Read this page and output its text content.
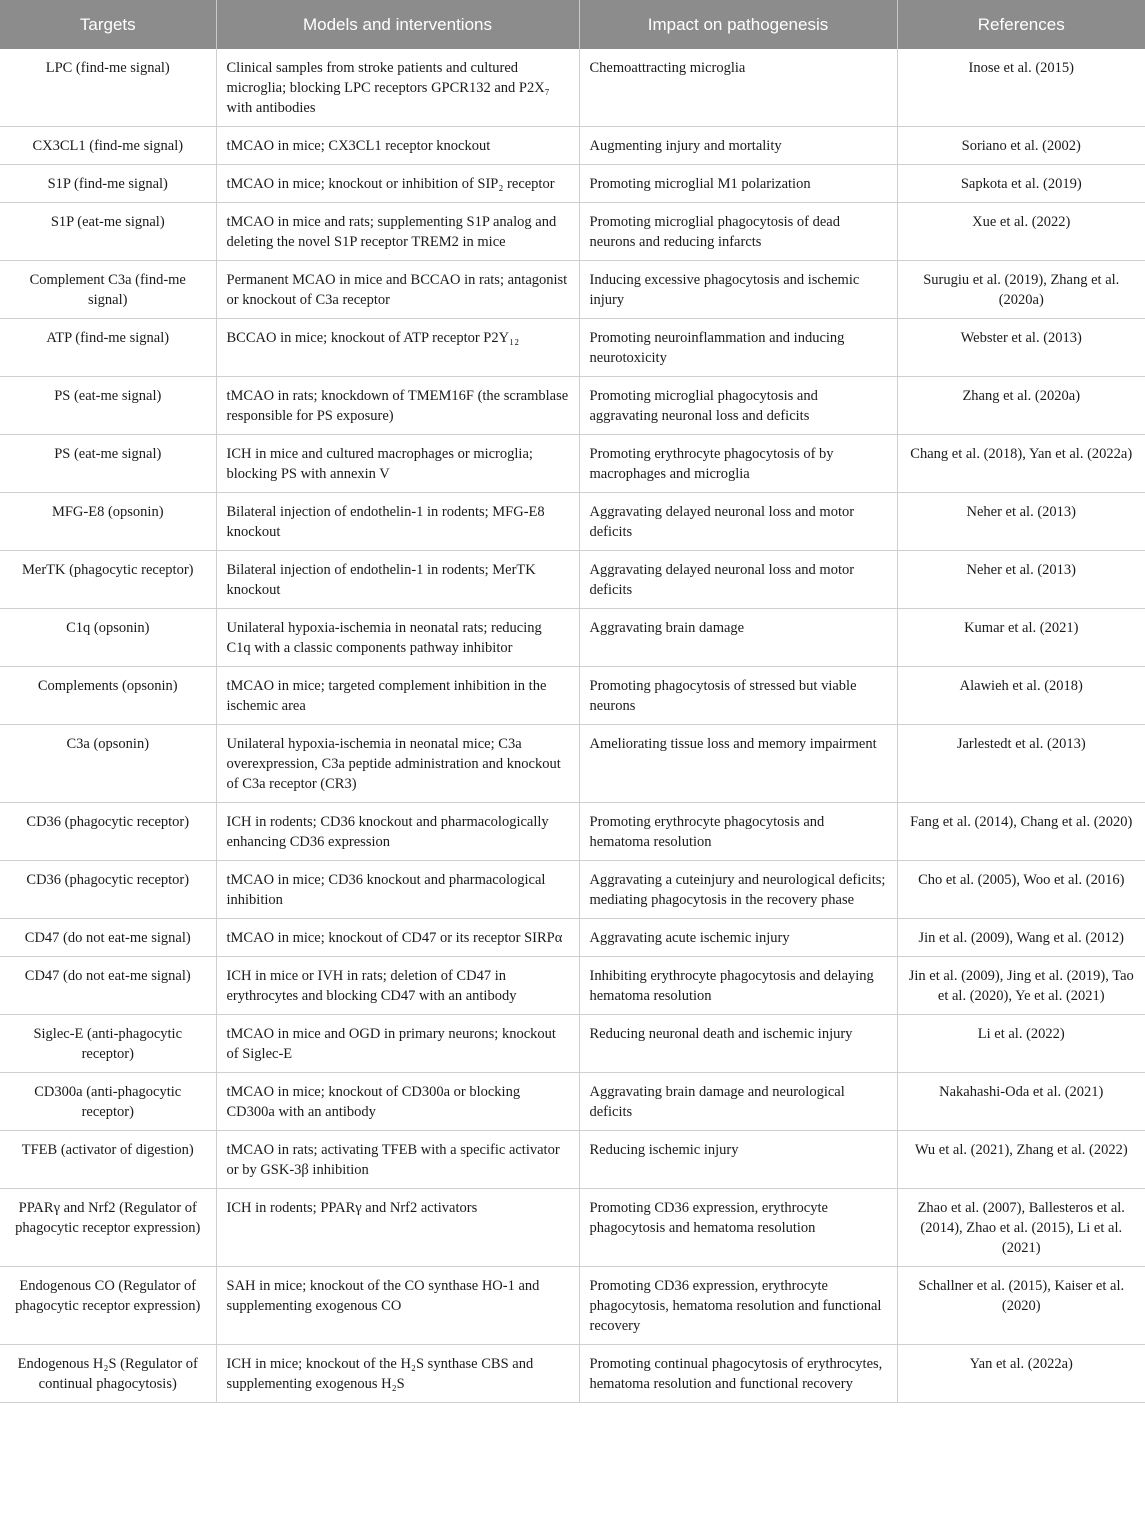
Targets	Models and interventions	Impact on pathogenesis	References
LPC (find-me signal)	Clinical samples from stroke patients and cultured microglia; blocking LPC receptors GPCR132 and P2X₇ with antibodies	Chemoattracting microglia	Inose et al. (2015)
CX3CL1 (find-me signal)	tMCAO in mice; CX3CL1 receptor knockout	Augmenting injury and mortality	Soriano et al. (2002)
S1P (find-me signal)	tMCAO in mice; knockout or inhibition of SIP₂ receptor	Promoting microglial M1 polarization	Sapkota et al. (2019)
S1P (eat-me signal)	tMCAO in mice and rats; supplementing S1P analog and deleting the novel S1P receptor TREM2 in mice	Promoting microglial phagocytosis of dead neurons and reducing infarcts	Xue et al. (2022)
Complement C3a (find-me signal)	Permanent MCAO in mice and BCCAO in rats; antagonist or knockout of C3a receptor	Inducing excessive phagocytosis and ischemic injury	Surugiu et al. (2019), Zhang et al. (2020a)
ATP (find-me signal)	BCCAO in mice; knockout of ATP receptor P2Y₁₂	Promoting neuroinflammation and inducing neurotoxicity	Webster et al. (2013)
PS (eat-me signal)	tMCAO in rats; knockdown of TMEM16F (the scramblase responsible for PS exposure)	Promoting microglial phagocytosis and aggravating neuronal loss and deficits	Zhang et al. (2020a)
PS (eat-me signal)	ICH in mice and cultured macrophages or microglia; blocking PS with annexin V	Promoting erythrocyte phagocytosis of by macrophages and microglia	Chang et al. (2018), Yan et al. (2022a)
MFG-E8 (opsonin)	Bilateral injection of endothelin-1 in rodents; MFG-E8 knockout	Aggravating delayed neuronal loss and motor deficits	Neher et al. (2013)
MerTK (phagocytic receptor)	Bilateral injection of endothelin-1 in rodents; MerTK knockout	Aggravating delayed neuronal loss and motor deficits	Neher et al. (2013)
C1q (opsonin)	Unilateral hypoxia-ischemia in neonatal rats; reducing C1q with a classic components pathway inhibitor	Aggravating brain damage	Kumar et al. (2021)
Complements (opsonin)	tMCAO in mice; targeted complement inhibition in the ischemic area	Promoting phagocytosis of stressed but viable neurons	Alawieh et al. (2018)
C3a (opsonin)	Unilateral hypoxia-ischemia in neonatal mice; C3a overexpression, C3a peptide administration and knockout of C3a receptor (CR3)	Ameliorating tissue loss and memory impairment	Jarlestedt et al. (2013)
CD36 (phagocytic receptor)	ICH in rodents; CD36 knockout and pharmacologically enhancing CD36 expression	Promoting erythrocyte phagocytosis and hematoma resolution	Fang et al. (2014), Chang et al. (2020)
CD36 (phagocytic receptor)	tMCAO in mice; CD36 knockout and pharmacological inhibition	Aggravating a cuteinjury and neurological deficits; mediating phagocytosis in the recovery phase	Cho et al. (2005), Woo et al. (2016)
CD47 (do not eat-me signal)	tMCAO in mice; knockout of CD47 or its receptor SIRPα	Aggravating acute ischemic injury	Jin et al. (2009), Wang et al. (2012)
CD47 (do not eat-me signal)	ICH in mice or IVH in rats; deletion of CD47 in erythrocytes and blocking CD47 with an antibody	Inhibiting erythrocyte phagocytosis and delaying hematoma resolution	Jin et al. (2009), Jing et al. (2019), Tao et al. (2020), Ye et al. (2021)
Siglec-E (anti-phagocytic receptor)	tMCAO in mice and OGD in primary neurons; knockout of Siglec-E	Reducing neuronal death and ischemic injury	Li et al. (2022)
CD300a (anti-phagocytic receptor)	tMCAO in mice; knockout of CD300a or blocking CD300a with an antibody	Aggravating brain damage and neurological deficits	Nakahashi-Oda et al. (2021)
TFEB (activator of digestion)	tMCAO in rats; activating TFEB with a specific activator or by GSK-3β inhibition	Reducing ischemic injury	Wu et al. (2021), Zhang et al. (2022)
PPARγ and Nrf2 (Regulator of phagocytic receptor expression)	ICH in rodents; PPARγ and Nrf2 activators	Promoting CD36 expression, erythrocyte phagocytosis and hematoma resolution	Zhao et al. (2007), Ballesteros et al. (2014), Zhao et al. (2015), Li et al. (2021)
Endogenous CO (Regulator of phagocytic receptor expression)	SAH in mice; knockout of the CO synthase HO-1 and supplementing exogenous CO	Promoting CD36 expression, erythrocyte phagocytosis, hematoma resolution and functional recovery	Schallner et al. (2015), Kaiser et al. (2020)
Endogenous H₂S (Regulator of continual phagocytosis)	ICH in mice; knockout of the H₂S synthase CBS and supplementing exogenous H₂S	Promoting continual phagocytosis of erythrocytes, hematoma resolution and functional recovery	Yan et al. (2022a)
